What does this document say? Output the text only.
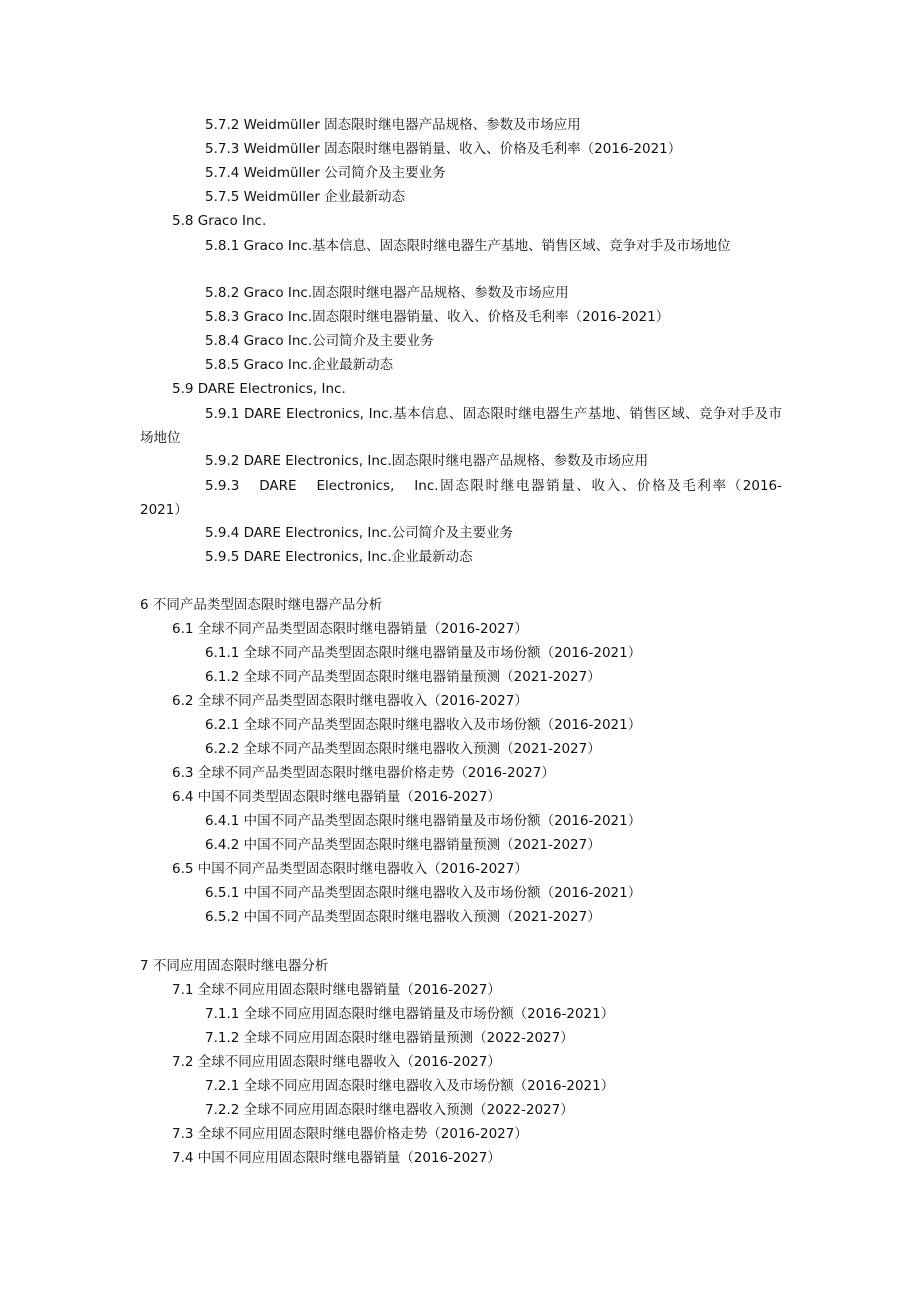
5.7.2 Weidmüller 固态限时继电器产品规格、参数及市场应用
5.7.3 Weidmüller 固态限时继电器销量、收入、价格及毛利率（2016-2021）
5.7.4 Weidmüller 公司简介及主要业务
5.7.5 Weidmüller 企业最新动态
5.8 Graco Inc.
5.8.1 Graco Inc.基本信息、固态限时继电器生产基地、销售区域、竞争对手及市场地位
5.8.2 Graco Inc.固态限时继电器产品规格、参数及市场应用
5.8.3 Graco Inc.固态限时继电器销量、收入、价格及毛利率（2016-2021）
5.8.4 Graco Inc.公司简介及主要业务
5.8.5 Graco Inc.企业最新动态
5.9 DARE Electronics, Inc.
5.9.1 DARE Electronics, Inc.基本信息、固态限时继电器生产基地、销售区域、竞争对手及市场地位
5.9.2 DARE Electronics, Inc.固态限时继电器产品规格、参数及市场应用
5.9.3 DARE Electronics, Inc.固态限时继电器销量、收入、价格及毛利率（2016-2021）
5.9.4 DARE Electronics, Inc.公司简介及主要业务
5.9.5 DARE Electronics, Inc.企业最新动态
6 不同产品类型固态限时继电器产品分析
6.1 全球不同产品类型固态限时继电器销量（2016-2027）
6.1.1 全球不同产品类型固态限时继电器销量及市场份额（2016-2021）
6.1.2 全球不同产品类型固态限时继电器销量预测（2021-2027）
6.2 全球不同产品类型固态限时继电器收入（2016-2027）
6.2.1 全球不同产品类型固态限时继电器收入及市场份额（2016-2021）
6.2.2 全球不同产品类型固态限时继电器收入预测（2021-2027）
6.3 全球不同产品类型固态限时继电器价格走势（2016-2027）
6.4 中国不同类型固态限时继电器销量（2016-2027）
6.4.1 中国不同产品类型固态限时继电器销量及市场份额（2016-2021）
6.4.2 中国不同产品类型固态限时继电器销量预测（2021-2027）
6.5 中国不同产品类型固态限时继电器收入（2016-2027）
6.5.1 中国不同产品类型固态限时继电器收入及市场份额（2016-2021）
6.5.2 中国不同产品类型固态限时继电器收入预测（2021-2027）
7 不同应用固态限时继电器分析
7.1 全球不同应用固态限时继电器销量（2016-2027）
7.1.1 全球不同应用固态限时继电器销量及市场份额（2016-2021）
7.1.2 全球不同应用固态限时继电器销量预测（2022-2027）
7.2 全球不同应用固态限时继电器收入（2016-2027）
7.2.1 全球不同应用固态限时继电器收入及市场份额（2016-2021）
7.2.2 全球不同应用固态限时继电器收入预测（2022-2027）
7.3 全球不同应用固态限时继电器价格走势（2016-2027）
7.4 中国不同应用固态限时继电器销量（2016-2027）
